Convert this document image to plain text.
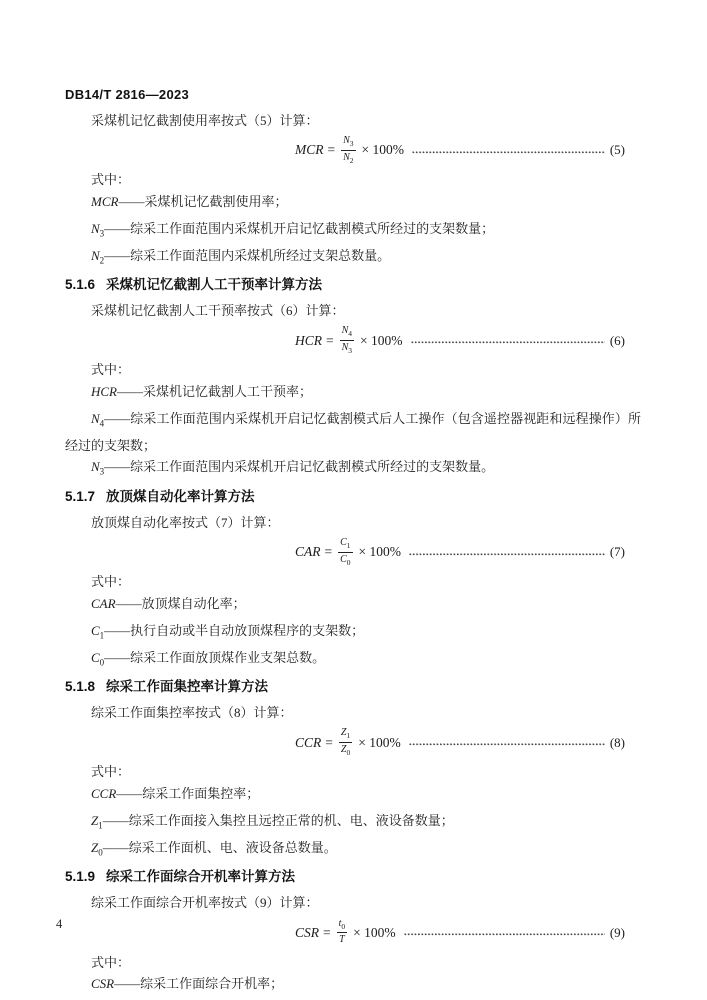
DB14/T 2816—2023

采煤机记忆截割使用率按式（5）计算：

MCR = $\frac{N_3}{N_2} \times 100\%$	(5)

式中：

MCR——采煤机记忆截割使用率；

$N_3——$综采工作面范围内采煤机开启记忆截割模式所经过的支架数量；

$N_2——$综采工作面范围内采煤机所经过支架总数量。

5.1.6 采煤机记忆截割人工干预率计算方法

采煤机记忆截割人工干预率按式（6）计算：

HCR = $\frac{N_4}{N_3} \times 100\%$	(6)

式中：

HCR——采煤机记忆截割人工干预率；

$N_4——$综采工作面范围内采煤机开启记忆截割模式后人工操作（包含遥控器视距和远程操作）所经过的支架数；

$N_3——$综采工作面范围内采煤机开启记忆截割模式所经过的支架数量。

5.1.7 放顶煤自动化率计算方法

放顶煤自动化率按式（7）计算：

CAR = $\frac{C_1}{C_0} \times 100\%$	(7)

式中：

CAR——放顶煤自动化率；

$C_1——$执行自动或半自动放顶煤程序的支架数；

$C_0——$综采工作面放顶煤作业支架总数。

5.1.8 综采工作面集控率计算方法

综采工作面集控率按式（8）计算：

CCR = $\frac{Z_1}{Z_0} \times 100\%$	(8)

式中：

CCR——综采工作面集控率；

$Z_1——$综采工作面接入集控且远控正常的机、电、液设备数量；

$Z_0——$综采工作面机、电、液设备总数量。

5.1.9 综采工作面综合开机率计算方法

综采工作面综合开机率按式（9）计算：

CSR = $\frac{t_0}{T} \times 100\%$	(9)

式中：

CSR——综采工作面综合开机率；

4
